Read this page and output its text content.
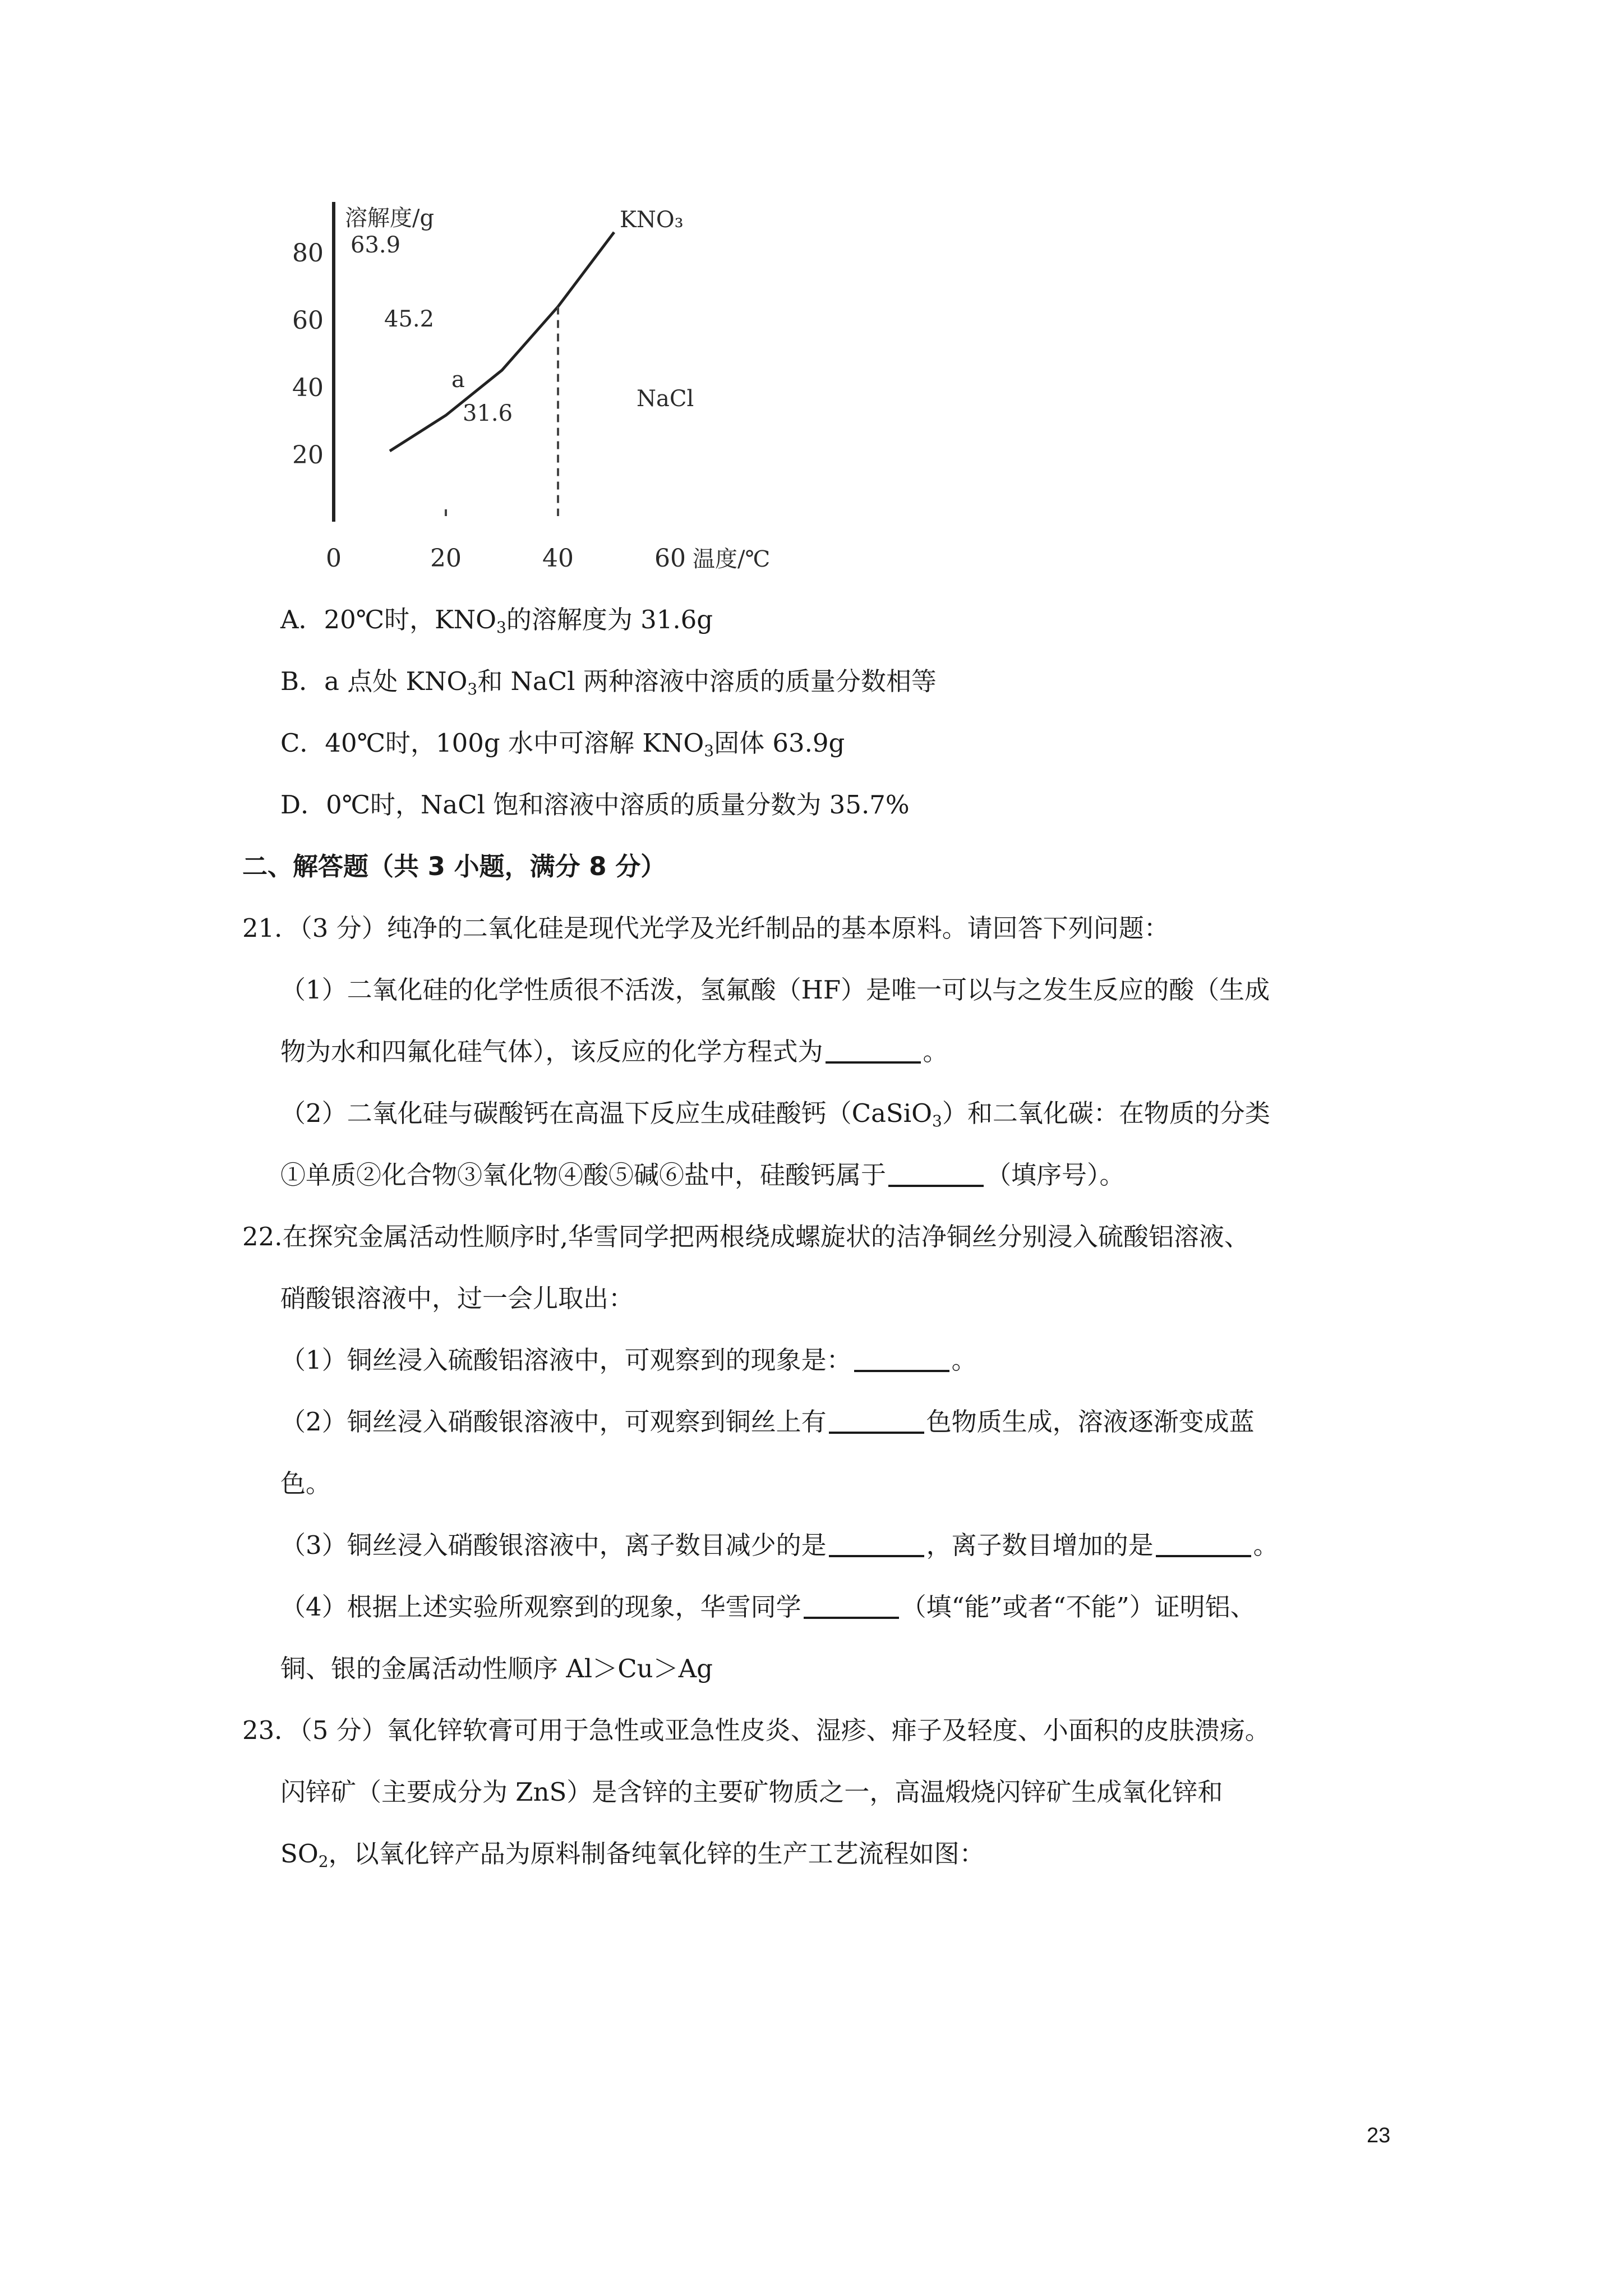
20
40
60
80
0	20	40	60
溶解度/g
温度/℃
KNO₃
NaCl
63.9
45.2
a
31.6
A．20℃时，$KNO_3$的溶解度为 31.6g
B．a 点处 $KNO_3$和 NaCl 两种溶液中溶质的质量分数相等
C．40℃时，100g 水中可溶解 $KNO_3$固体 63.9g
D．0℃时，NaCl 饱和溶液中溶质的质量分数为 35.7%
二、解答题（共 3 小题，满分 8 分）
21．（3 分）纯净的二氧化硅是现代光学及光纤制品的基本原料。请回答下列问题：
（1）二氧化硅的化学性质很不活泼，氢氟酸（HF）是唯一可以与之发生反应的酸（生成
物为水和四氟化硅气体），该反应的化学方程式为	。
（2）二氧化硅与碳酸钙在高温下反应生成硅酸钙（CaSiO$_3$）和二氧化碳：在物质的分类
①单质②化合物③氧化物④酸⑤碱⑥盐中，硅酸钙属于	（填序号）。
22.在探究金属活动性顺序时,华雪同学把两根绕成螺旋状的洁净铜丝分别浸入硫酸铝溶液、
硝酸银溶液中，过一会儿取出：
（1）铜丝浸入硫酸铝溶液中，可观察到的现象是：	。
（2）铜丝浸入硝酸银溶液中，可观察到铜丝上有	色物质生成，溶液逐渐变成蓝
色。
（3）铜丝浸入硝酸银溶液中，离子数目减少的是	，离子数目增加的是	。
（4）根据上述实验所观察到的现象，华雪同学	（填“能”或者“不能”）证明铝、
铜、银的金属活动性顺序 Al＞Cu＞Ag
23．（5 分）氧化锌软膏可用于急性或亚急性皮炎、湿疹、痱子及轻度、小面积的皮肤溃疡。
闪锌矿（主要成分为 ZnS）是含锌的主要矿物质之一，高温煅烧闪锌矿生成氧化锌和
$SO_2$，以氧化锌产品为原料制备纯氧化锌的生产工艺流程如图：
23
